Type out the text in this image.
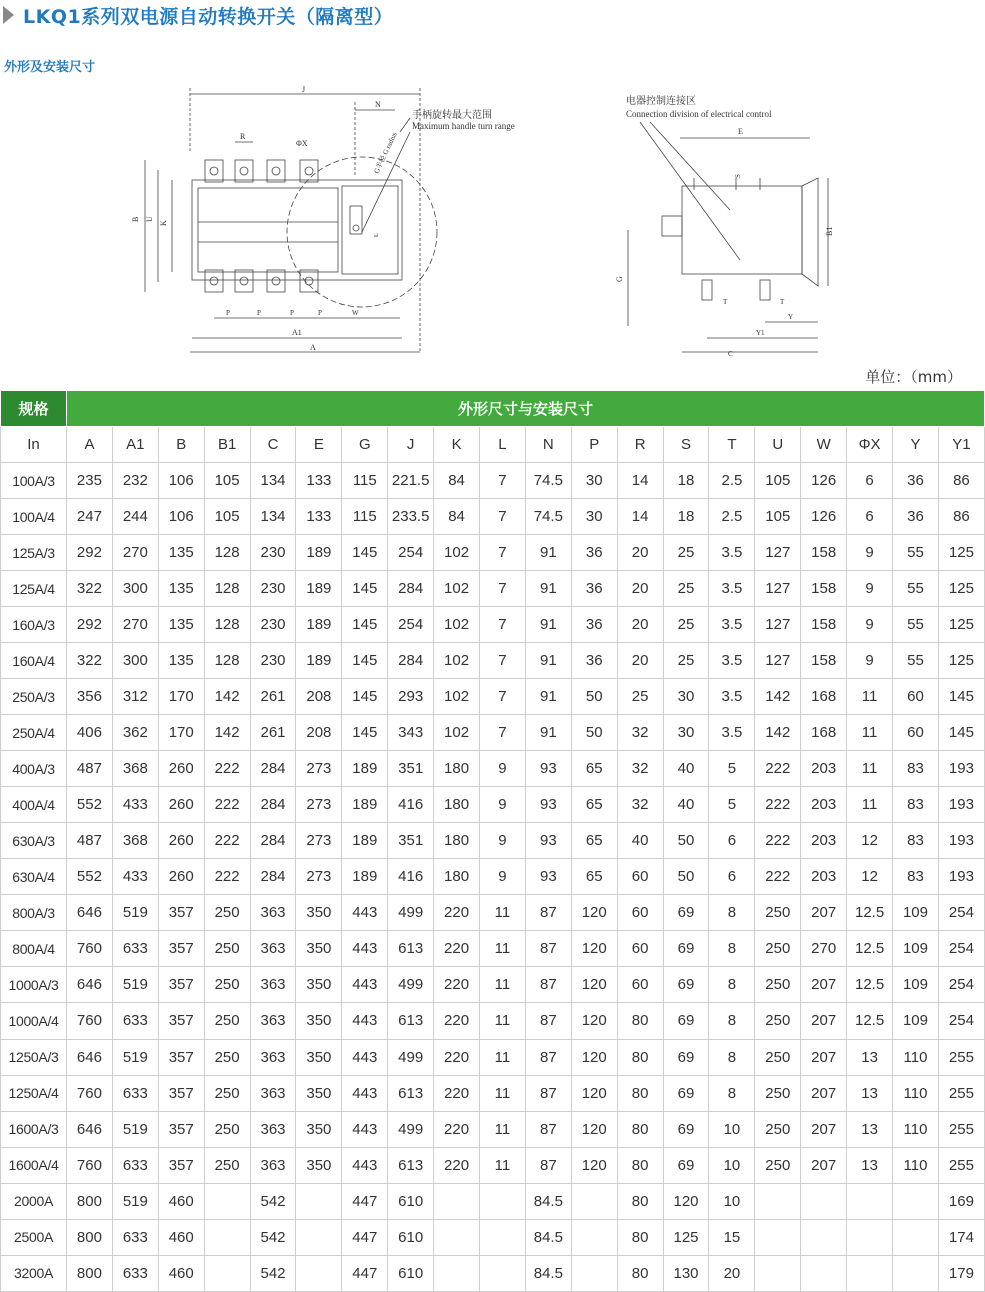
LKQ1系列双电源自动转换开关（隔离型）
外形及安装尺寸
J
N
G半径 G radius
手柄旋转最大范围
Maximum handle turn range
R
ΦX
L
B U
K
P	P	P	P	W
A1
A
电器控制连接区
Connection division of electrical control
E
S
B1
G
T	T
Y
Y1
C
单位：（mm）
规格	外形尺寸与安装尺寸																			
In	A	A1	B	B1	C	E	G	J	K	L	N	P	R	S	T	U	W	ΦX	Y	Y1
100A/3	235	232	106	105	134	133	115	221.5	84	7	74.5	30	14	18	2.5	105	126	6	36	86
100A/4	247	244	106	105	134	133	115	233.5	84	7	74.5	30	14	18	2.5	105	126	6	36	86
125A/3	292	270	135	128	230	189	145	254	102	7	91	36	20	25	3.5	127	158	9	55	125
125A/4	322	300	135	128	230	189	145	284	102	7	91	36	20	25	3.5	127	158	9	55	125
160A/3	292	270	135	128	230	189	145	254	102	7	91	36	20	25	3.5	127	158	9	55	125
160A/4	322	300	135	128	230	189	145	284	102	7	91	36	20	25	3.5	127	158	9	55	125
250A/3	356	312	170	142	261	208	145	293	102	7	91	50	25	30	3.5	142	168	11	60	145
250A/4	406	362	170	142	261	208	145	343	102	7	91	50	32	30	3.5	142	168	11	60	145
400A/3	487	368	260	222	284	273	189	351	180	9	93	65	32	40	5	222	203	11	83	193
400A/4	552	433	260	222	284	273	189	416	180	9	93	65	32	40	5	222	203	11	83	193
630A/3	487	368	260	222	284	273	189	351	180	9	93	65	40	50	6	222	203	12	83	193
630A/4	552	433	260	222	284	273	189	416	180	9	93	65	60	50	6	222	203	12	83	193
800A/3	646	519	357	250	363	350	443	499	220	11	87	120	60	69	8	250	207	12.5	109	254
800A/4	760	633	357	250	363	350	443	613	220	11	87	120	60	69	8	250	270	12.5	109	254
1000A/3	646	519	357	250	363	350	443	499	220	11	87	120	60	69	8	250	207	12.5	109	254
1000A/4	760	633	357	250	363	350	443	613	220	11	87	120	80	69	8	250	207	12.5	109	254
1250A/3	646	519	357	250	363	350	443	499	220	11	87	120	80	69	8	250	207	13	110	255
1250A/4	760	633	357	250	363	350	443	613	220	11	87	120	80	69	8	250	207	13	110	255
1600A/3	646	519	357	250	363	350	443	499	220	11	87	120	80	69	10	250	207	13	110	255
1600A/4	760	633	357	250	363	350	443	613	220	11	87	120	80	69	10	250	207	13	110	255
2000A	800	519	460		542		447	610			84.5		80	120	10					169
2500A	800	633	460		542		447	610			84.5		80	125	15					174
3200A	800	633	460		542		447	610			84.5		80	130	20					179
